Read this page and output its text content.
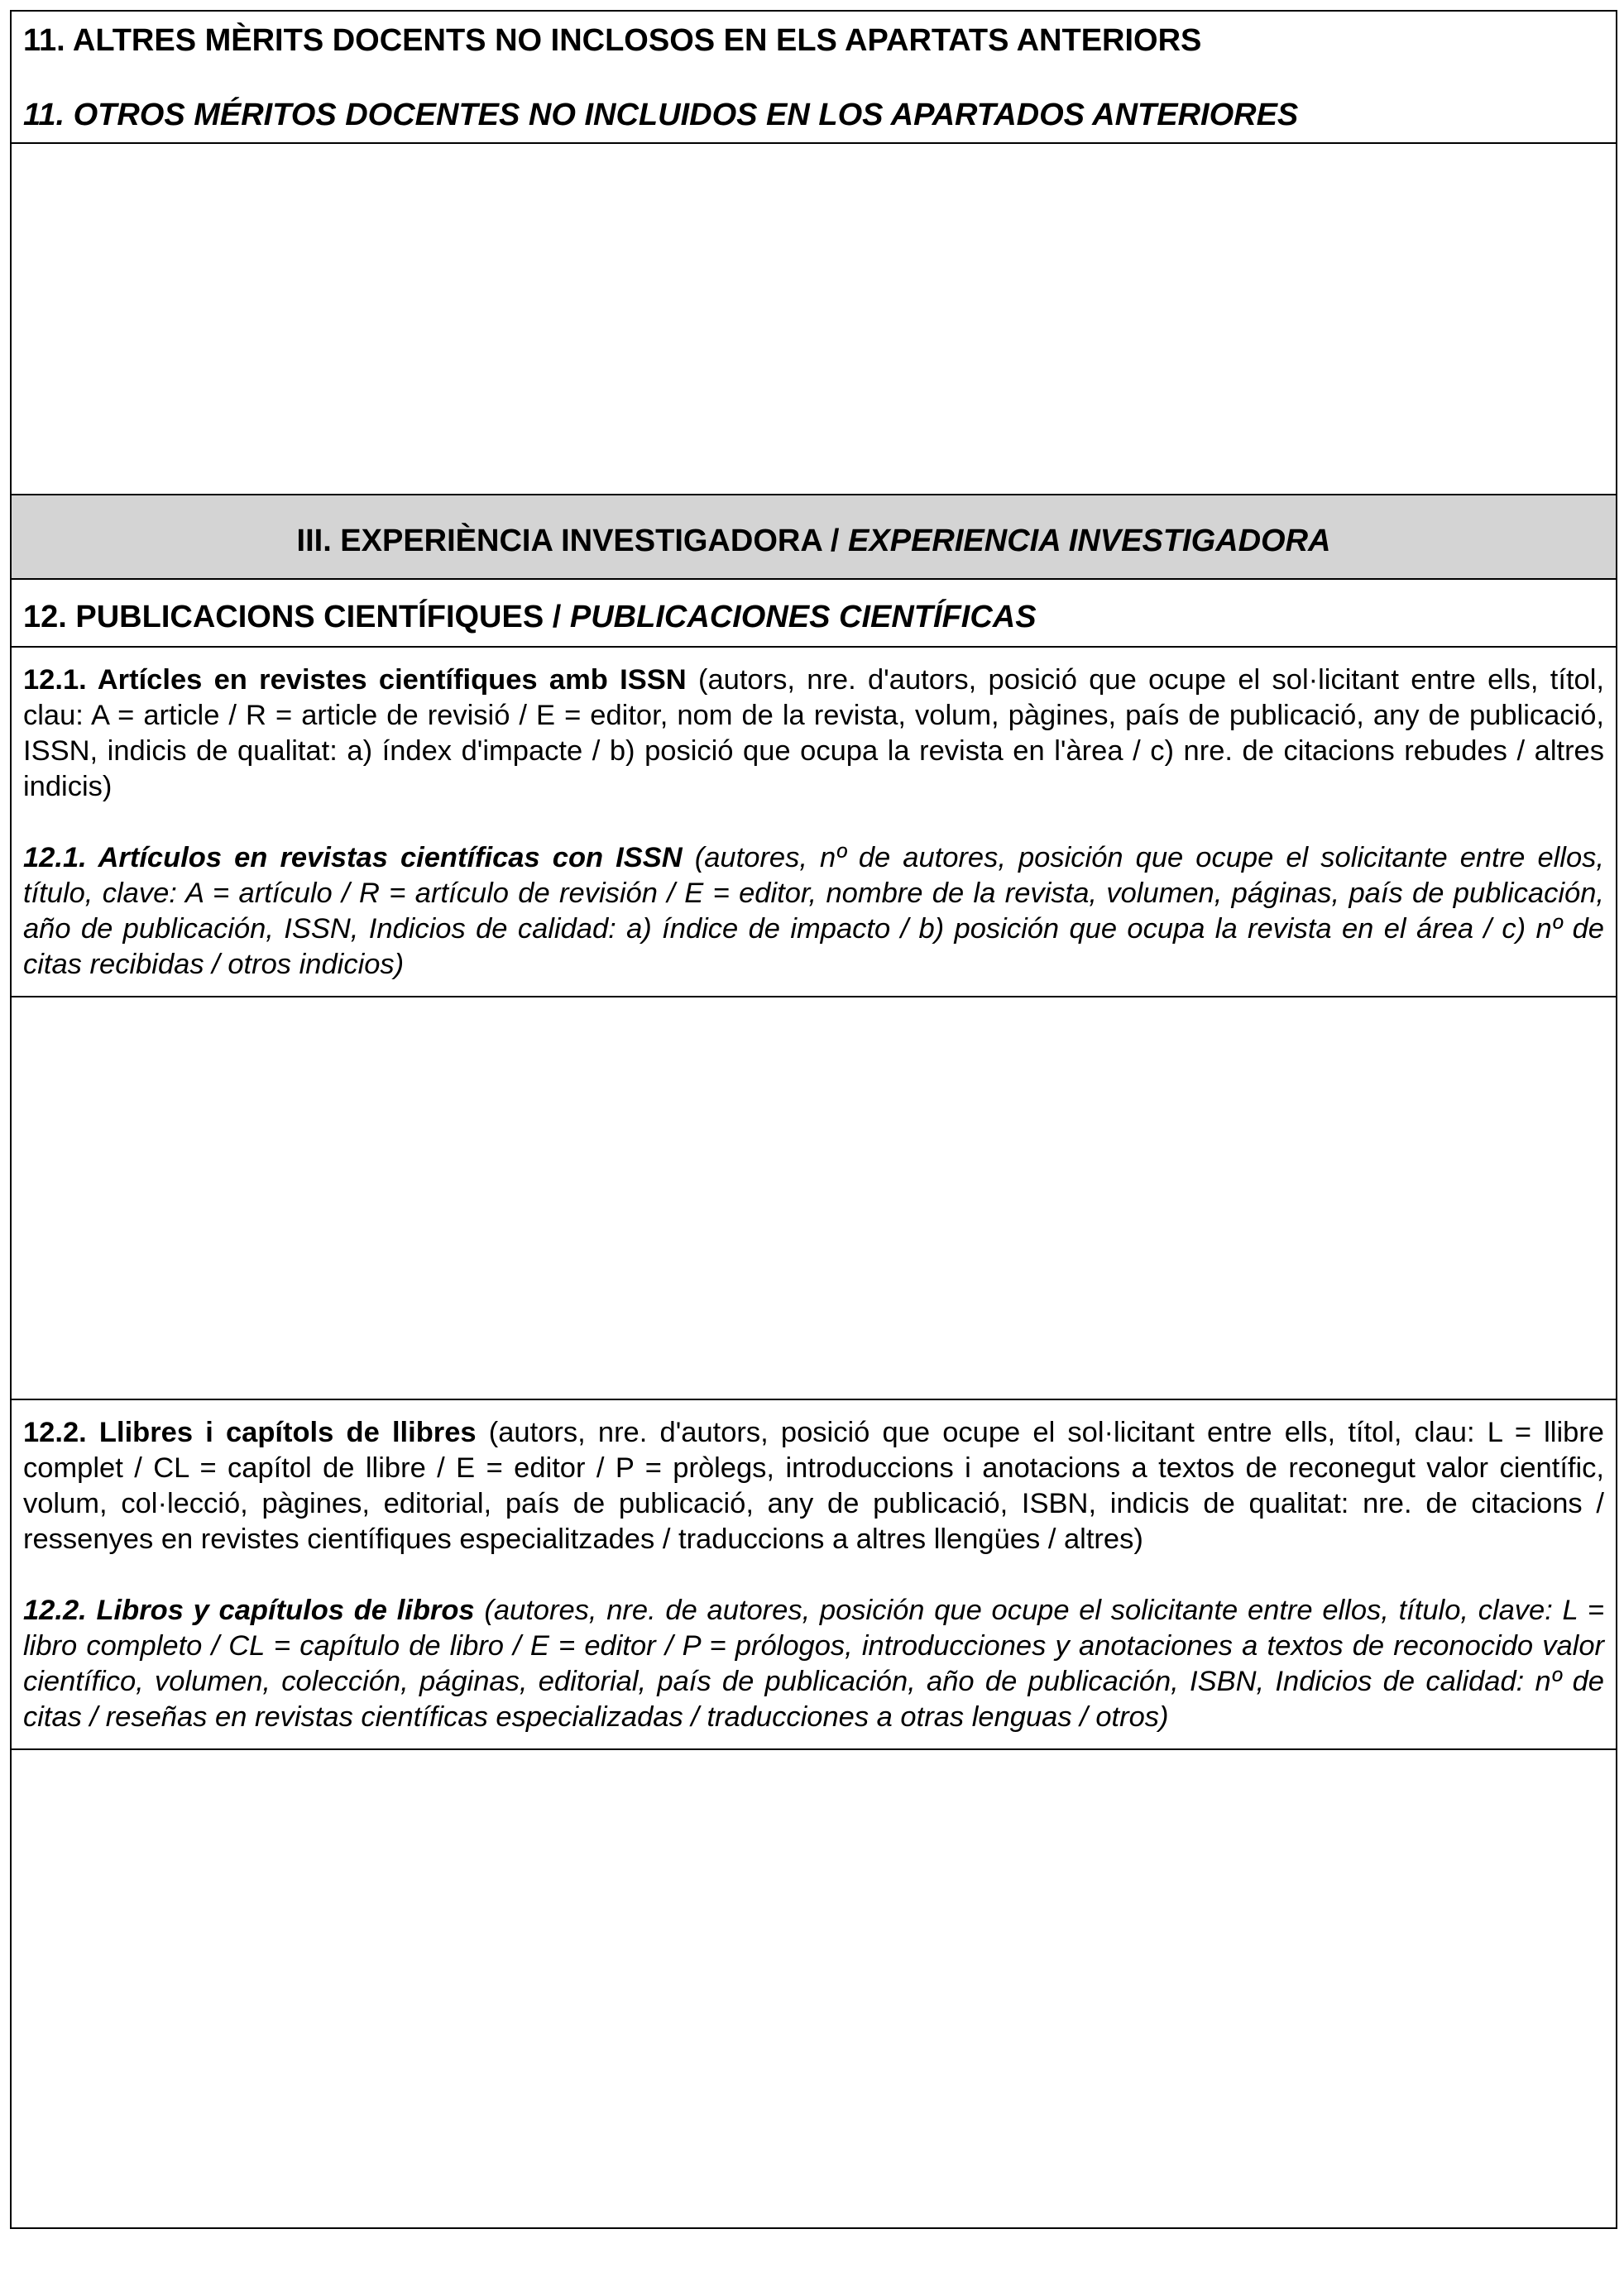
11. ALTRES MÈRITS DOCENTS NO INCLOSOS EN ELS APARTATS ANTERIORS

11. OTROS MÉRITOS DOCENTES NO INCLUIDOS EN LOS APARTADOS ANTERIORES

III. EXPERIÈNCIA INVESTIGADORA / EXPERIENCIA INVESTIGADORA
12. PUBLICACIONS CIENTÍFIQUES / PUBLICACIONES CIENTÍFICAS

12.1. Artícles en revistes científiques amb ISSN (autors, nre. d'autors, posició que ocupe el sol·licitant entre ells, títol, clau: A = article / R = article de revisió / E = editor, nom de la revista, volum, pàgines, país de publicació, any de publicació, ISSN, indicis de qualitat: a) índex d'impacte / b) posició que ocupa la revista en l'àrea / c) nre. de citacions rebudes / altres indicis)

12.1. Artículos en revistas científicas con ISSN (autores, nº de autores, posición que ocupe el solicitante entre ellos, título, clave: A = artículo / R = artículo de revisión / E = editor, nombre de la revista, volumen, páginas, país de publicación, año de publicación, ISSN, Indicios de calidad: a) índice de impacto / b) posición que ocupa la revista en el área / c) nº de citas recibidas / otros indicios)

12.2. Llibres i capítols de llibres (autors, nre. d'autors, posició que ocupe el sol·licitant entre ells, títol, clau: L = llibre complet / CL = capítol de llibre / E = editor / P = pròlegs, introduccions i anotacions a textos de reconegut valor científic, volum, col·lecció, pàgines, editorial, país de publicació, any de publicació, ISBN, indicis de qualitat: nre. de citacions / ressenyes en revistes científiques especialitzades / traduccions a altres llengües / altres)

12.2. Libros y capítulos de libros (autores, nre. de autores, posición que ocupe el solicitante entre ellos, título, clave: L = libro completo / CL = capítulo de libro / E = editor / P = prólogos, introducciones y anotaciones a textos de reconocido valor científico, volumen, colección, páginas, editorial, país de publicación, año de publicación, ISBN, Indicios de calidad: nº de citas / reseñas en revistas científicas especializadas / traducciones a otras lenguas / otros)
